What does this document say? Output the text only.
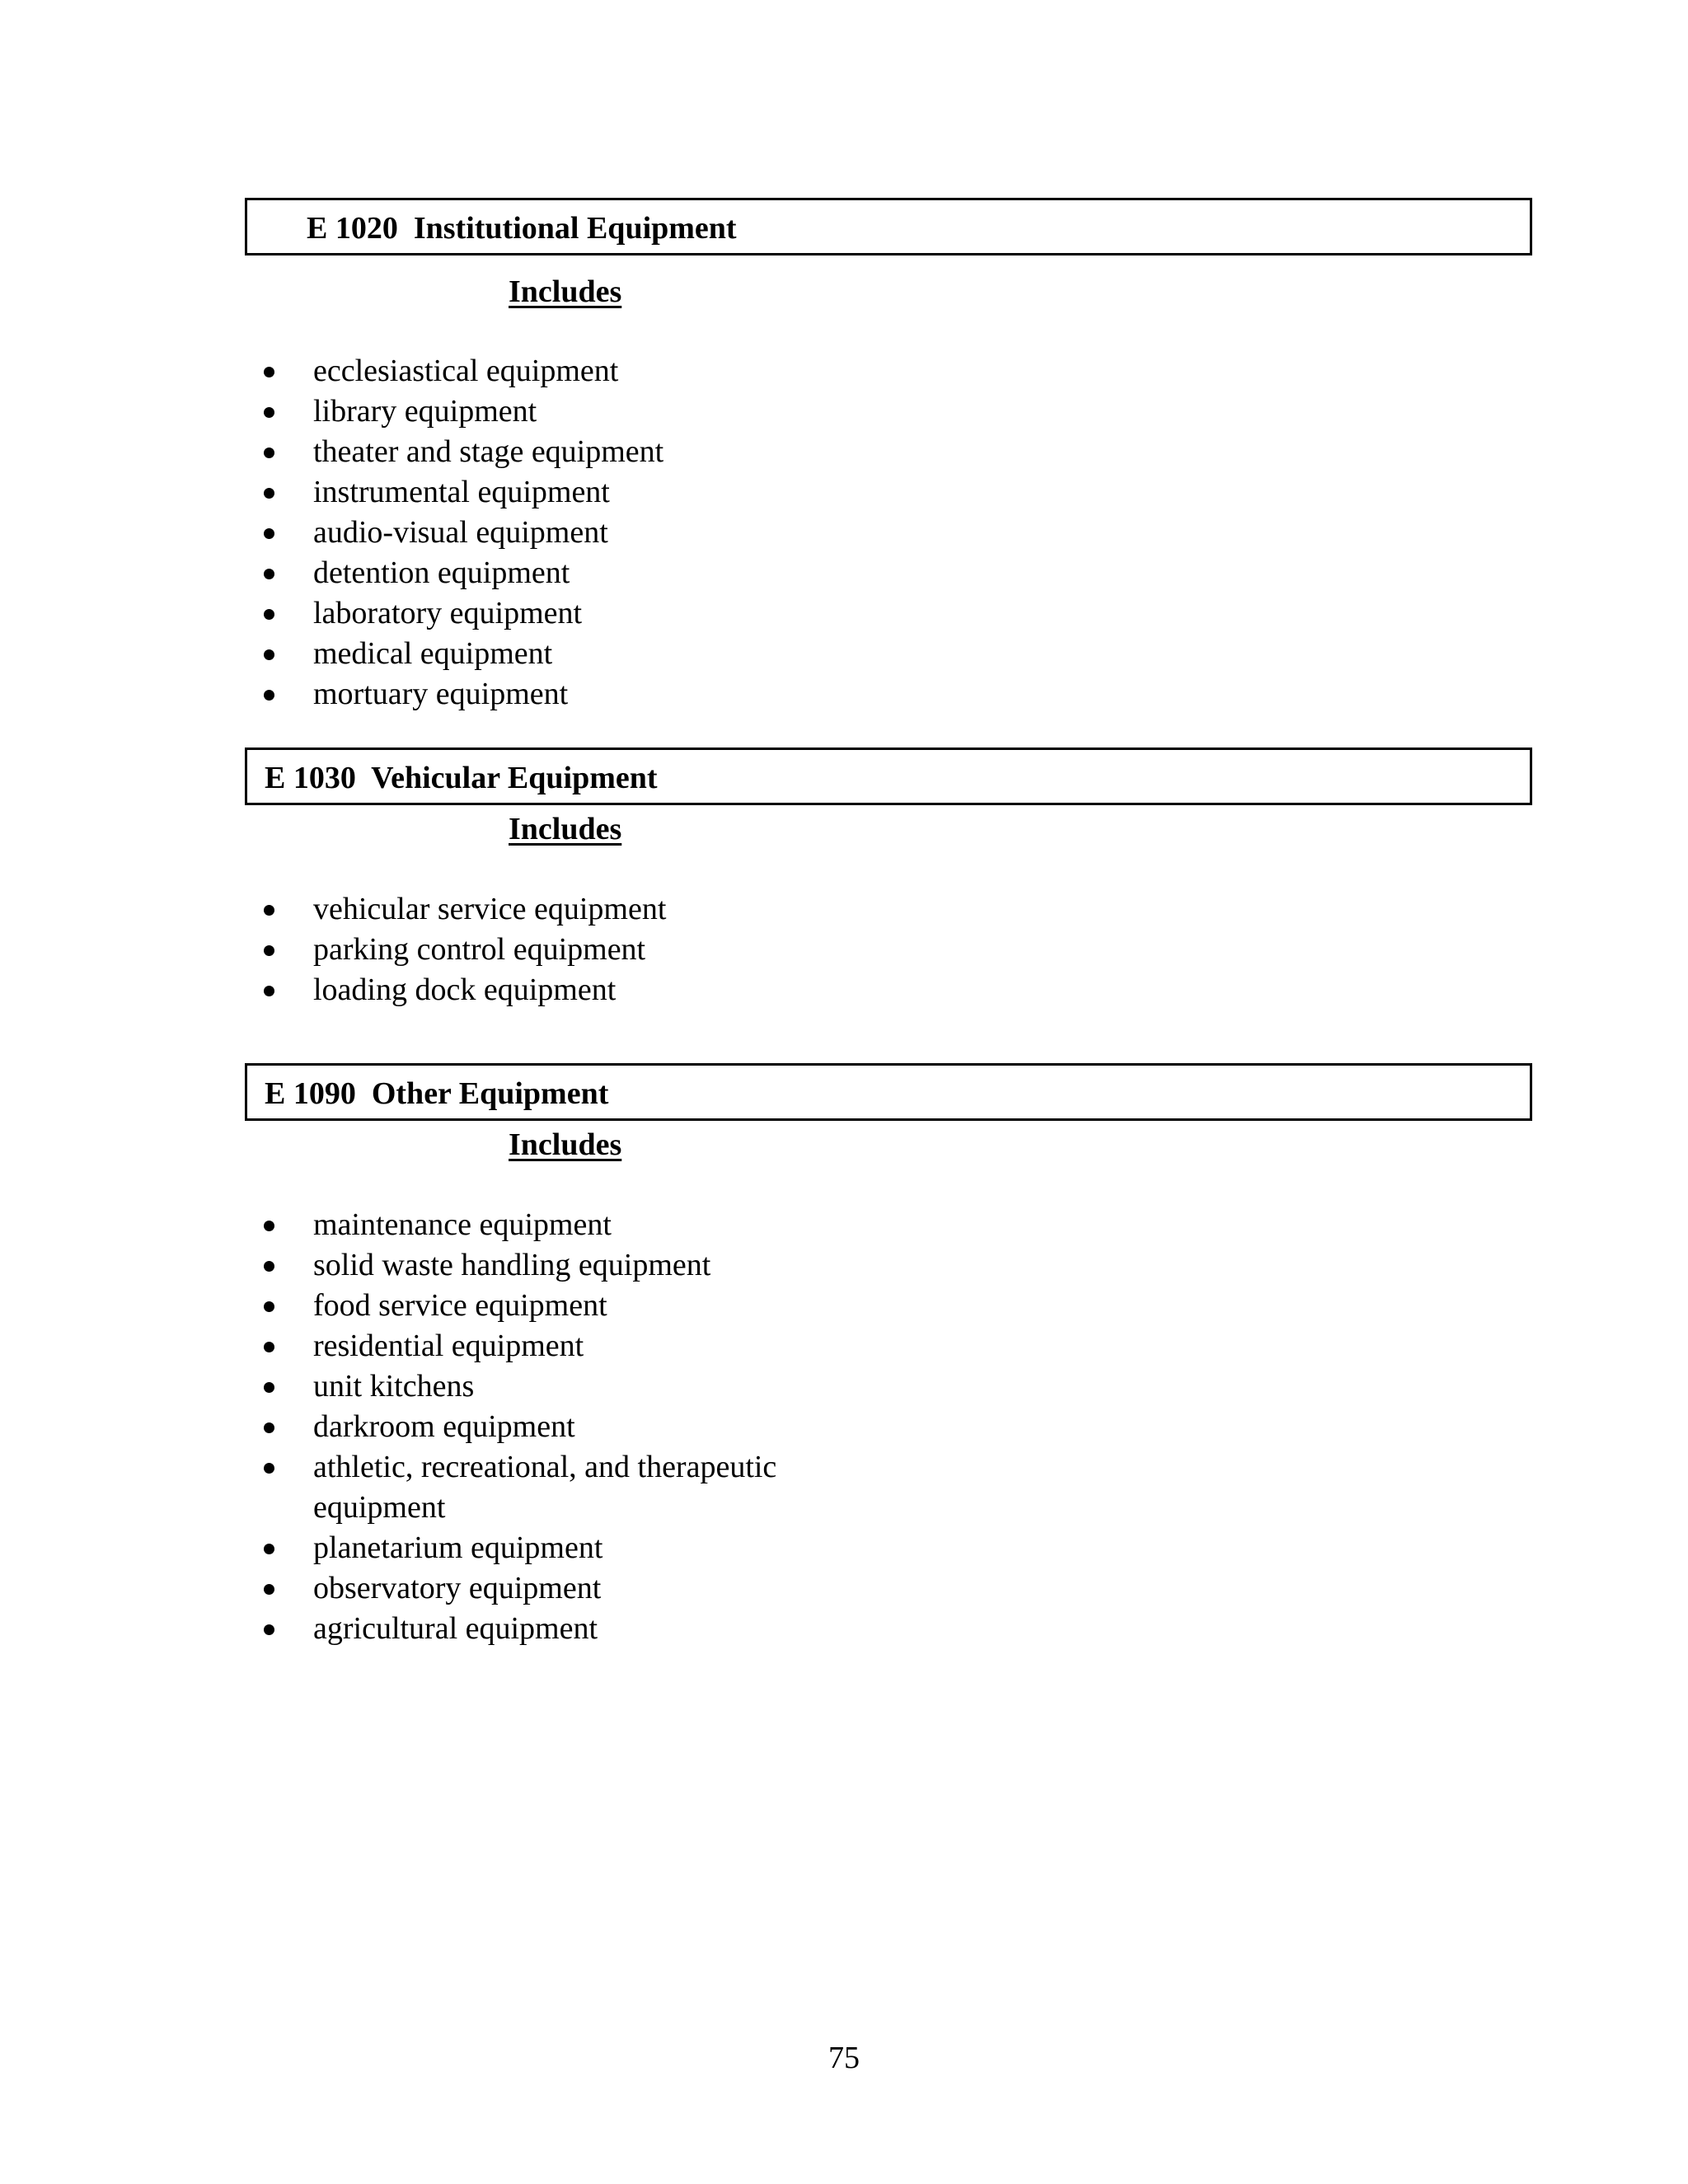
E 1020  Institutional Equipment
Includes
ecclesiastical equipment
library equipment
theater and stage equipment
instrumental equipment
audio-visual equipment
detention equipment
laboratory equipment
medical equipment
mortuary equipment
E 1030  Vehicular Equipment
Includes
vehicular service equipment
parking control equipment
loading dock equipment
E 1090  Other Equipment
Includes
maintenance equipment
solid waste handling equipment
food service equipment
residential equipment
unit kitchens
darkroom equipment
athletic, recreational, and therapeutic equipment
planetarium equipment
observatory equipment
agricultural equipment
75
